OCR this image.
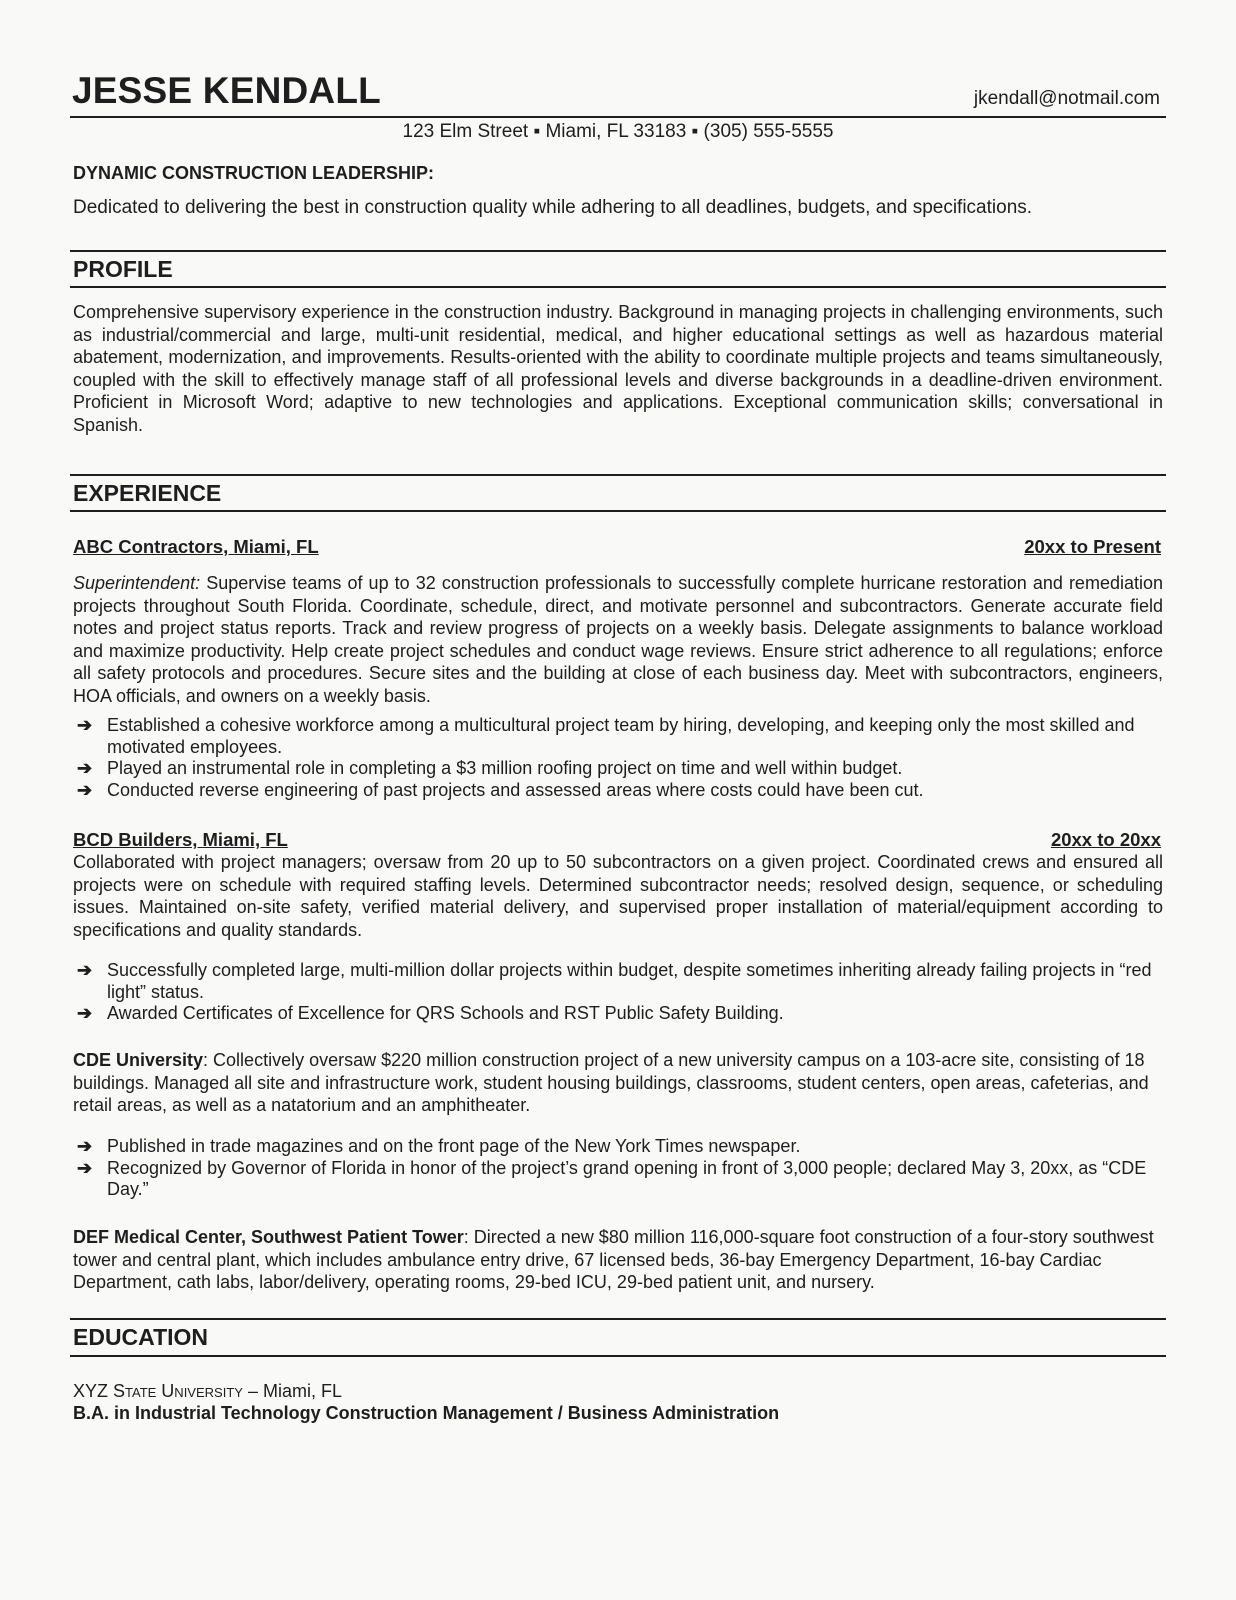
JESSE KENDALL	jkendall@notmail.com
123 Elm Street ▪ Miami, FL 33183 ▪ (305) 555-5555
DYNAMIC CONSTRUCTION LEADERSHIP:
Dedicated to delivering the best in construction quality while adhering to all deadlines, budgets, and specifications.
PROFILE
Comprehensive supervisory experience in the construction industry. Background in managing projects in challenging environments, such as industrial/commercial and large, multi-unit residential, medical, and higher educational settings as well as hazardous material abatement, modernization, and improvements. Results-oriented with the ability to coordinate multiple projects and teams simultaneously, coupled with the skill to effectively manage staff of all professional levels and diverse backgrounds in a deadline-driven environment. Proficient in Microsoft Word; adaptive to new technologies and applications. Exceptional communication skills; conversational in Spanish.
EXPERIENCE
ABC Contractors, Miami, FL	20xx to Present
Superintendent: Supervise teams of up to 32 construction professionals to successfully complete hurricane restoration and remediation projects throughout South Florida. Coordinate, schedule, direct, and motivate personnel and subcontractors. Generate accurate field notes and project status reports. Track and review progress of projects on a weekly basis. Delegate assignments to balance workload and maximize productivity. Help create project schedules and conduct wage reviews. Ensure strict adherence to all regulations; enforce all safety protocols and procedures. Secure sites and the building at close of each business day. Meet with subcontractors, engineers, HOA officials, and owners on a weekly basis.
➔ Established a cohesive workforce among a multicultural project team by hiring, developing, and keeping only the most skilled and motivated employees.
➔ Played an instrumental role in completing a $3 million roofing project on time and well within budget.
➔ Conducted reverse engineering of past projects and assessed areas where costs could have been cut.
BCD Builders, Miami, FL	20xx to 20xx
Collaborated with project managers; oversaw from 20 up to 50 subcontractors on a given project. Coordinated crews and ensured all projects were on schedule with required staffing levels. Determined subcontractor needs; resolved design, sequence, or scheduling issues. Maintained on-site safety, verified material delivery, and supervised proper installation of material/equipment according to specifications and quality standards.
➔ Successfully completed large, multi-million dollar projects within budget, despite sometimes inheriting already failing projects in “red light” status.
➔ Awarded Certificates of Excellence for QRS Schools and RST Public Safety Building.
CDE University: Collectively oversaw $220 million construction project of a new university campus on a 103-acre site, consisting of 18 buildings. Managed all site and infrastructure work, student housing buildings, classrooms, student centers, open areas, cafeterias, and retail areas, as well as a natatorium and an amphitheater.
➔ Published in trade magazines and on the front page of the New York Times newspaper.
➔ Recognized by Governor of Florida in honor of the project’s grand opening in front of 3,000 people; declared May 3, 20xx, as “CDE Day.”
DEF Medical Center, Southwest Patient Tower: Directed a new $80 million 116,000-square foot construction of a four-story southwest tower and central plant, which includes ambulance entry drive, 67 licensed beds, 36-bay Emergency Department, 16-bay Cardiac Department, cath labs, labor/delivery, operating rooms, 29-bed ICU, 29-bed patient unit, and nursery.
EDUCATION
XYZ State University – Miami, FL
B.A. in Industrial Technology Construction Management / Business Administration
